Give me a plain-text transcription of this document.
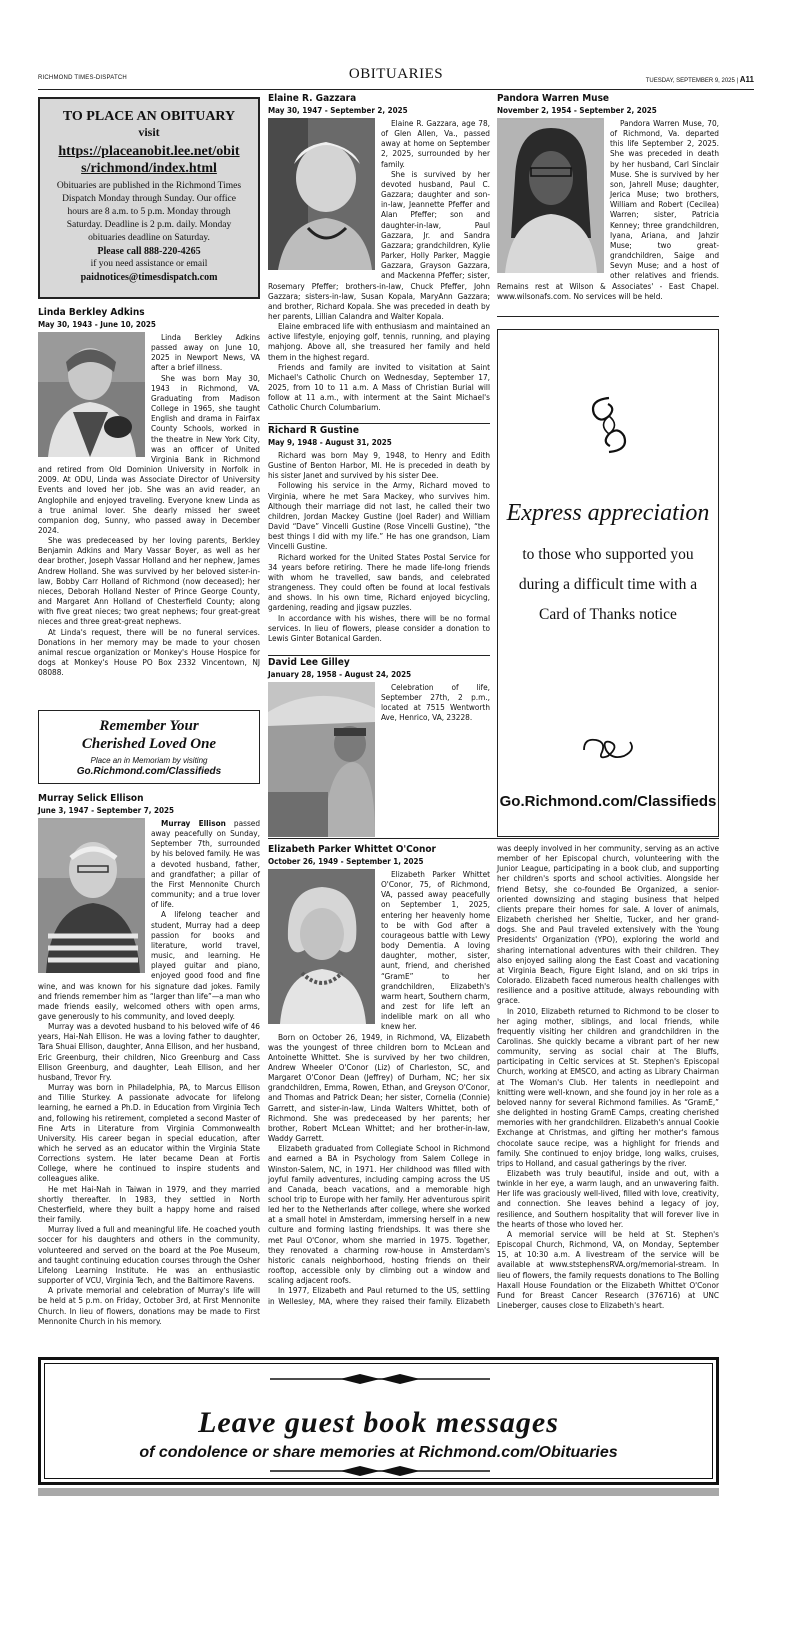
RICHMOND TIMES-DISPATCH	OBITUARIES	TUESDAY, SEPTEMBER 9, 2025 | A11
TO PLACE AN OBITUARY
visit
https://placeanobit.lee.net/obits/richmond/index.html
Obituaries are published in the Richmond Times Dispatch Monday through Sunday. Our office hours are 8 a.m. to 5 p.m. Monday through Saturday. Deadline is 2 p.m. daily. Monday obituaries deadline on Saturday.
Please call 888-220-4265
if you need assistance or email
paidnotices@timesdispatch.com
Linda Berkley Adkins
May 30, 1943 - June 10, 2025

Linda Berkley Adkins passed away on June 10, 2025 in Newport News, VA after a brief illness.

She was born May 30, 1943 in Richmond, VA. Graduating from Madison College in 1965, she taught English and drama in Fairfax County Schools, worked in the theatre in New York City, was an officer of United Virginia Bank in Richmond and retired from Old Dominion University in Norfolk in 2009. At ODU, Linda was Associate Director of University Events and loved her job. She was an avid reader, an Anglophile and enjoyed traveling. Everyone knew Linda as a true animal lover. She dearly missed her sweet companion dog, Sunny, who passed away in December 2024.

She was predeceased by her loving parents, Berkley Benjamin Adkins and Mary Vassar Boyer, as well as her dear brother, Joseph Vassar Holland and her nephew, James Andrew Holland. She was survived by her beloved sister-in-law, Bobby Carr Holland of Richmond (now deceased); her nieces, Deborah Holland Nester of Prince George County, and Margaret Ann Holland of Chesterfield County; along with five great nieces; two great nephews; four great-great nieces and three great-great nephews.

At Linda's request, there will be no funeral services. Donations in her memory may be made to your chosen animal rescue organization or Monkey's House Hospice for dogs at Monkey's House PO Box 2332 Vincentown, NJ 08088.

Remember Your Cherished Loved One
Place an in Memoriam by visiting
Go.Richmond.com/Classifieds
Murray Selick Ellison
June 3, 1947 - September 7, 2025

Murray Ellison passed away peacefully on Sunday, September 7th, surrounded by his beloved family. He was a devoted husband, father, and grandfather; a pillar of the First Mennonite Church community; and a true lover of life.

A lifelong teacher and student, Murray had a deep passion for books and literature, world travel, music, and learning. He played guitar and piano, enjoyed good food and fine wine, and was known for his signature dad jokes. Family and friends remember him as “larger than life”—a man who made friends easily, welcomed others with open arms, gave generously to his community, and loved deeply.

Murray was a devoted husband to his beloved wife of 46 years, Hai-Nah Ellison. He was a loving father to daughter, Tara Shuai Ellison, daughter, Anna Ellison, and her husband, Eric Greenburg, their children, Nico Greenburg and Cass Ellison Greenburg, and daughter, Leah Ellison, and her husband, Trevor Fry.

Murray was born in Philadelphia, PA, to Marcus Ellison and Tillie Sturkey. A passionate advocate for lifelong learning, he earned a Ph.D. in Education from Virginia Tech and, following his retirement, completed a second Master of Fine Arts in Literature from Virginia Commonwealth University. His career began in special education, after which he served as an educator within the Virginia State Corrections system. He later became Dean at Fortis College, where he continued to inspire students and colleagues alike.

He met Hai-Nah in Taiwan in 1979, and they married shortly thereafter. In 1983, they settled in North Chesterfield, where they built a happy home and raised their family.

Murray lived a full and meaningful life. He coached youth soccer for his daughters and others in the community, volunteered and served on the board at the Poe Museum, and taught continuing education courses through the Osher Lifelong Learning Institute. He was an enthusiastic supporter of VCU, Virginia Tech, and the Baltimore Ravens.

A private memorial and celebration of Murray's life will be held at 5 p.m. on Friday, October 3rd, at First Mennonite Church. In lieu of flowers, donations may be made to First Mennonite Church in his memory.

Elaine R. Gazzara
May 30, 1947 - September 2, 2025

Elaine R. Gazzara, age 78, of Glen Allen, Va., passed away at home on September 2, 2025, surrounded by her family.

She is survived by her devoted husband, Paul C. Gazzara; daughter and son-in-law, Jeannette Pfeffer and Alan Pfeffer; son and daughter-in-law, Paul Gazzara, Jr. and Sandra Gazzara; grandchildren, Kylie Parker, Holly Parker, Maggie Gazzara, Grayson Gazzara, and Mackenna Pfeffer; sister, Rosemary Pfeffer; brothers-in-law, Chuck Pfeffer, John Gazzara; sisters-in-law, Susan Kopala, MaryAnn Gazzara; and brother, Richard Kopala. She was preceded in death by her parents, Lillian Calandra and Walter Kopala.

Elaine embraced life with enthusiasm and maintained an active lifestyle, enjoying golf, tennis, running, and playing mahjong. Above all, she treasured her family and held them in the highest regard.

Friends and family are invited to visitation at Saint Michael's Catholic Church on Wednesday, September 17, 2025, from 10 to 11 a.m. A Mass of Christian Burial will follow at 11 a.m., with interment at the Saint Michael's Catholic Church Columbarium.

Richard R Gustine
May 9, 1948 - August 31, 2025

Richard was born May 9, 1948, to Henry and Edith Gustine of Benton Harbor, MI. He is preceded in death by his sister Janet and survived by his sister Dee.

Following his service in the Army, Richard moved to Virginia, where he met Sara Mackey, who survives him. Although their marriage did not last, he called their two children, Jordan Mackey Gustine (Joel Rader) and William David “Dave” Vincelli Gustine (Rose Vincelli Gustine), “the best things I did with my life.” He has one grandson, Liam Vincelli Gustine.

Richard worked for the United States Postal Service for 34 years before retiring. There he made life-long friends with whom he travelled, saw bands, and celebrated strangeness. They could often be found at local festivals and shows. In his own time, Richard enjoyed bicycling, gardening, reading and jigsaw puzzles.

In accordance with his wishes, there will be no formal services. In lieu of flowers, please consider a donation to Lewis Ginter Botanical Garden.

David Lee Gilley
January 28, 1958 - August 24, 2025

Celebration of life, September 27th, 2 p.m., located at 7515 Wentworth Ave, Henrico, VA, 23228.

Pandora Warren Muse
November 2, 1954 - September 2, 2025

Pandora Warren Muse, 70, of Richmond, Va. departed this life September 2, 2025. She was preceded in death by her husband, Carl Sinclair Muse. She is survived by her son, Jahrell Muse; daughter, Jerica Muse; two brothers, William and Robert (Cecilea) Warren; sister, Patricia Kenney; three grandchildren, Iyana, Ariana, and Jahzir Muse; two great-grandchildren, Saige and Sevyn Muse; and a host of other relatives and friends. Remains rest at Wilson & Associates' - East Chapel. www.wilsonafs.com. No services will be held.

Express appreciation
to those who supported you
during a difficult time with a
Card of Thanks notice
Go.Richmond.com/Classifieds
Elizabeth Parker Whittet O'Conor
October 26, 1949 - September 1, 2025

Elizabeth Parker Whittet O'Conor, 75, of Richmond, VA, passed away peacefully on September 1, 2025, entering her heavenly home to be with God after a courageous battle with Lewy body Dementia. A loving daughter, mother, sister, aunt, friend, and cherished “GramE” to her grandchildren, Elizabeth's warm heart, Southern charm, and zest for life left an indelible mark on all who knew her.

Born on October 26, 1949, in Richmond, VA, Elizabeth was the youngest of three children born to McLean and Antoinette Whittet. She is survived by her two children, Andrew Wheeler O'Conor (Liz) of Charleston, SC, and Margaret O'Conor Dean (Jeffrey) of Durham, NC; her six grandchildren, Emma, Rowen, Ethan, and Greyson O'Conor, and Thomas and Patrick Dean; her sister, Cornelia (Connie) Garrett, and sister-in-law, Linda Walters Whittet, both of Richmond. She was predeceased by her parents; her brother, Robert McLean Whittet; and her brother-in-law, Waddy Garrett.

Elizabeth graduated from Collegiate School in Richmond and earned a BA in Psychology from Salem College in Winston-Salem, NC, in 1971. Her childhood was filled with joyful family adventures, including camping across the US and Canada, beach vacations, and a memorable high school trip to Europe with her family. Her adventurous spirit led her to the Netherlands after college, where she worked at a small hotel in Amsterdam, immersing herself in a new culture and forming lasting friendships. It was there she met Paul O'Conor, whom she married in 1975. Together, they renovated a charming row-house in Amsterdam's historic canals neighborhood, hosting friends on their rooftop, accessible only by climbing out a window and scaling adjacent roofs.

In 1977, Elizabeth and Paul returned to the US, settling in Wellesley, MA, where they raised their family. Elizabeth was deeply involved in her community, serving as an active member of her Episcopal church, volunteering with the Junior League, participating in a book club, and supporting her children's sports and school activities. Alongside her friend Betsy, she co-founded Be Organized, a senior-oriented downsizing and staging business that helped clients prepare their homes for sale. A lover of animals, Elizabeth cherished her Sheltie, Tucker, and her grand-dogs. She and Paul traveled extensively with the Young Presidents' Organization (YPO), exploring the world and sharing international adventures with their children. They also enjoyed sailing along the East Coast and vacationing at Virginia Beach, Figure Eight Island, and on ski trips in Colorado. Elizabeth faced numerous health challenges with resilience and a positive attitude, always rebounding with grace.

In 2010, Elizabeth returned to Richmond to be closer to her aging mother, siblings, and local friends, while frequently visiting her children and grandchildren in the Carolinas. She quickly became a vibrant part of her new community, serving as social chair at The Bluffs, participating in Celtic services at St. Stephen's Episcopal Church, working at EMSCO, and acting as Library Chairman at The Woman's Club. Her talents in needlepoint and knitting were well-known, and she found joy in her role as a beloved nanny for several Richmond families. As “GramE,” she delighted in hosting GramE Camps, creating cherished memories with her grandchildren. Elizabeth's annual Cookie Exchange at Christmas, and gifting her mother's famous chocolate sauce recipe, was a highlight for friends and family. She continued to enjoy bridge, long walks, cruises, trips to Holland, and casual gatherings by the river.

Elizabeth was truly beautiful, inside and out, with a twinkle in her eye, a warm laugh, and an unwavering faith. Her life was graciously well-lived, filled with love, creativity, and connection. She leaves behind a legacy of joy, resilience, and Southern hospitality that will forever live in the hearts of those who loved her.

A memorial service will be held at St. Stephen's Episcopal Church, Richmond, VA, on Monday, September 15, at 10:30 a.m. A livestream of the service will be available at www.ststephensRVA.org/memorial-stream. In lieu of flowers, the family requests donations to The Bolling Haxall House Foundation or the Elizabeth Whittet O'Conor Fund for Breast Cancer Research (376716) at UNC Lineberger, causes close to Elizabeth's heart.

Leave guest book messages
of condolence or share memories at Richmond.com/Obituaries
